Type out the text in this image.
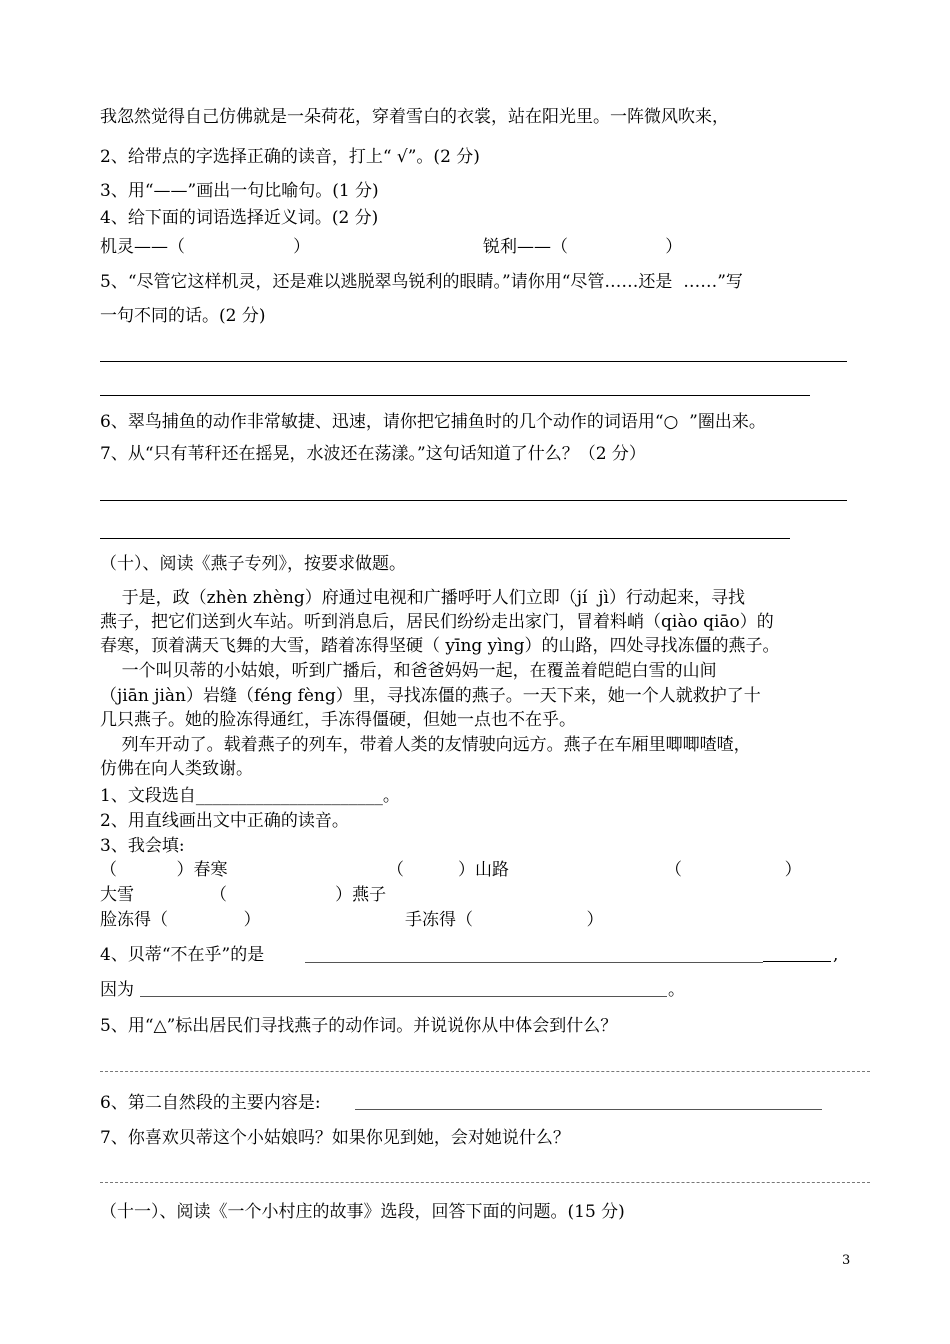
我忽然觉得自己仿佛就是一朵荷花，穿着雪白的衣裳，站在阳光里。一阵微风吹来，
2、给带点的字选择正确的读音，打上“ √”。(2 分)
3、用“——”画出一句比喻句。(1 分)
4、给下面的词语选择近义词。(2 分)
机灵——（                    ）	锐利——（                  ）
5、“尽管它这样机灵，还是难以逃脱翠鸟锐利的眼睛。”请你用“尽管……还是  ……”写
一句不同的话。(2 分)
6、翠鸟捕鱼的动作非常敏捷、迅速，请你把它捕鱼时的几个动作的词语用“○  ”圈出来。
7、从“只有苇秆还在摇晃，水波还在荡漾。”这句话知道了什么？（2 分）
（十）、阅读《燕子专列》，按要求做题。
于是，政（zhèn zhèng）府通过电视和广播呼吁人们立即（jí  jì）行动起来，寻找
燕子，把它们送到火车站。听到消息后，居民们纷纷走出家门，冒着料峭（qiào qiāo）的
春寒，顶着满天飞舞的大雪，踏着冻得坚硬（ yīng yìng）的山路，四处寻找冻僵的燕子。
一个叫贝蒂的小姑娘，听到广播后，和爸爸妈妈一起，在覆盖着皑皑白雪的山间
（jiān jiàn）岩缝（féng fèng）里，寻找冻僵的燕子。一天下来，她一个人就救护了十
几只燕子。她的脸冻得通红，手冻得僵硬，但她一点也不在乎。
列车开动了。载着燕子的列车，带着人类的友情驶向远方。燕子在车厢里唧唧喳喳，
仿佛在向人类致谢。
1、文段选自______________________。
2、用直线画出文中正确的读音。
3、我会填:
（           ）春寒	（          ）山路	（                   ）
大雪	（                    ）燕子
脸冻得（              ）	手冻得（                     ）
4、贝蒂“不在乎”的是	,
因为	。
5、用“△”标出居民们寻找燕子的动作词。并说说你从中体会到什么？
6、第二自然段的主要内容是:
7、你喜欢贝蒂这个小姑娘吗？如果你见到她，会对她说什么？
（十一）、阅读《一个小村庄的故事》选段，回答下面的问题。(15 分)
3
